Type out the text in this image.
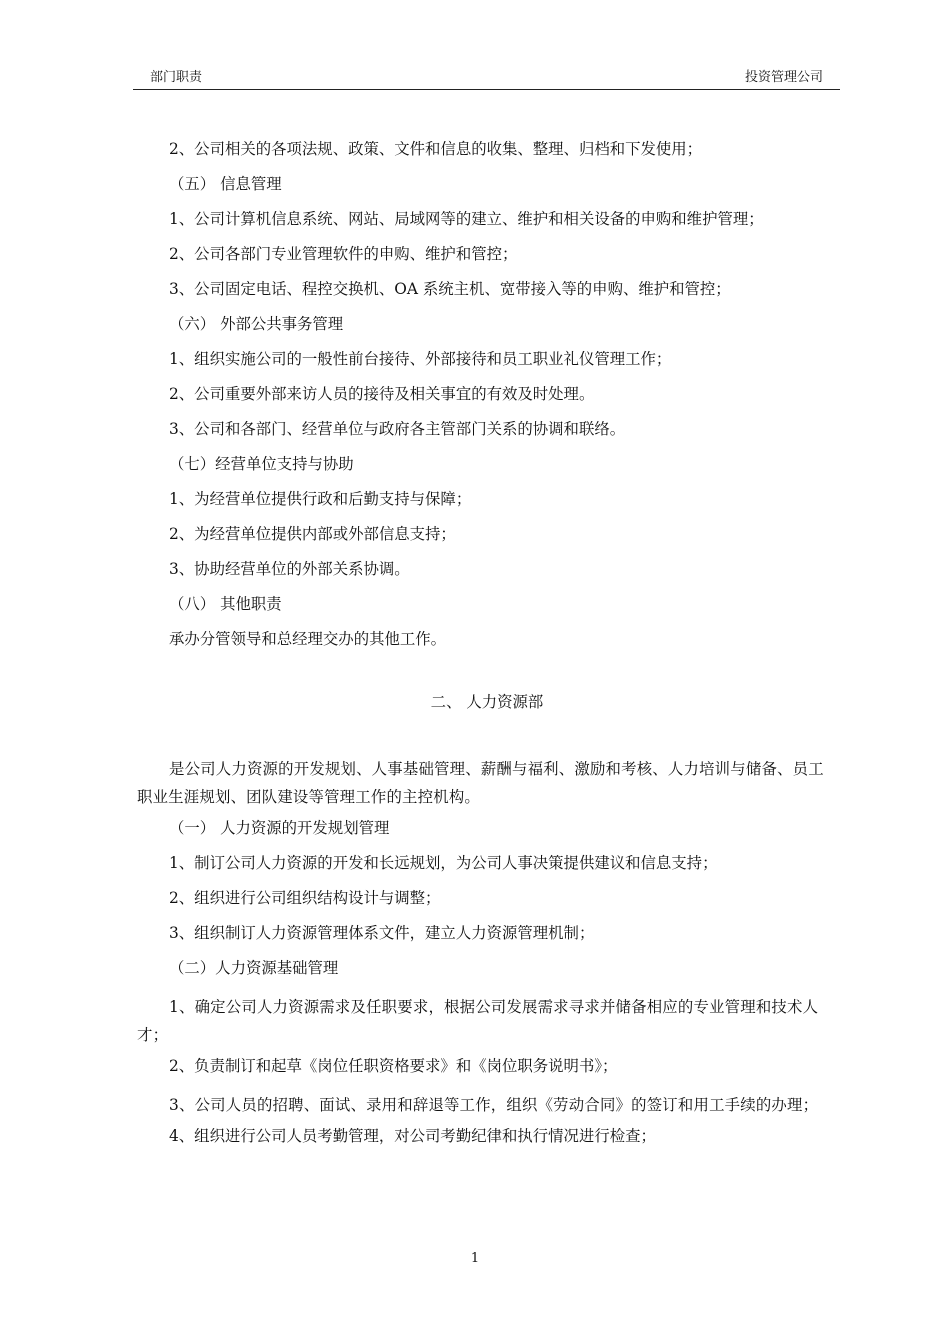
部门职责	投资管理公司
2、公司相关的各项法规、政策、文件和信息的收集、整理、归档和下发使用；
（五） 信息管理
1、公司计算机信息系统、网站、局域网等的建立、维护和相关设备的申购和维护管理；
2、公司各部门专业管理软件的申购、维护和管控；
3、公司固定电话、程控交换机、OA 系统主机、宽带接入等的申购、维护和管控；
（六） 外部公共事务管理
1、组织实施公司的一般性前台接待、外部接待和员工职业礼仪管理工作；
2、公司重要外部来访人员的接待及相关事宜的有效及时处理。
3、公司和各部门、经营单位与政府各主管部门关系的协调和联络。
（七）经营单位支持与协助
1、为经营单位提供行政和后勤支持与保障；
2、为经营单位提供内部或外部信息支持；
3、协助经营单位的外部关系协调。
（八） 其他职责
承办分管领导和总经理交办的其他工作。
二、 人力资源部

是公司人力资源的开发规划、人事基础管理、薪酬与福利、激励和考核、人力培训与储备、员工职业生涯规划、团队建设等管理工作的主控机构。

（一） 人力资源的开发规划管理
1、制订公司人力资源的开发和长远规划，为公司人事决策提供建议和信息支持；
2、组织进行公司组织结构设计与调整；
3、组织制订人力资源管理体系文件，建立人力资源管理机制；
（二）人力资源基础管理

1、确定公司人力资源需求及任职要求，根据公司发展需求寻求并储备相应的专业管理和技术人才；

2、负责制订和起草《岗位任职资格要求》和《岗位职务说明书》；

3、公司人员的招聘、面试、录用和辞退等工作，组织《劳动合同》的签订和用工手续的办理；

4、组织进行公司人员考勤管理，对公司考勤纪律和执行情况进行检查；
1
